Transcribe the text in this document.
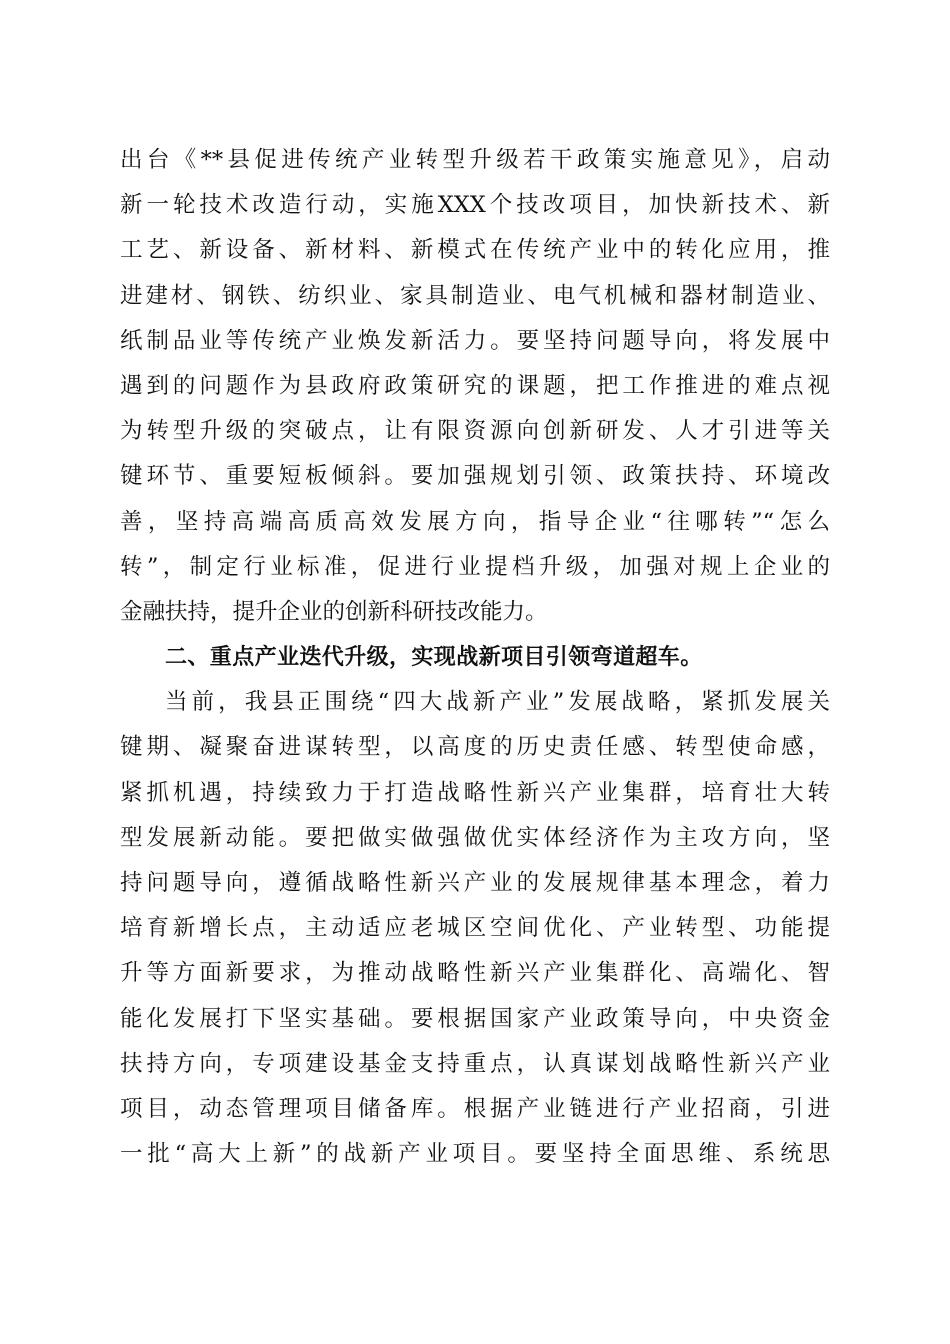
出台《**县促进传统产业转型升级若干政策实施意见》，启动
新一轮技术改造行动，实施XXX个技改项目，加快新技术、新
工艺、新设备、新材料、新模式在传统产业中的转化应用，推
进建材、钢铁、纺织业、家具制造业、电气机械和器材制造业、
纸制品业等传统产业焕发新活力。要坚持问题导向，将发展中
遇到的问题作为县政府政策研究的课题，把工作推进的难点视
为转型升级的突破点，让有限资源向创新研发、人才引进等关
键环节、重要短板倾斜。要加强规划引领、政策扶持、环境改
善，坚持高端高质高效发展方向，指导企业“往哪转”“怎么
转”，制定行业标准，促进行业提档升级，加强对规上企业的
金融扶持，提升企业的创新科研技改能力。
二、重点产业迭代升级，实现战新项目引领弯道超车。
当前，我县正围绕“四大战新产业”发展战略，紧抓发展关
键期、凝聚奋进谋转型，以高度的历史责任感、转型使命感，
紧抓机遇，持续致力于打造战略性新兴产业集群，培育壮大转
型发展新动能。要把做实做强做优实体经济作为主攻方向，坚
持问题导向，遵循战略性新兴产业的发展规律基本理念，着力
培育新增长点，主动适应老城区空间优化、产业转型、功能提
升等方面新要求，为推动战略性新兴产业集群化、高端化、智
能化发展打下坚实基础。要根据国家产业政策导向，中央资金
扶持方向，专项建设基金支持重点，认真谋划战略性新兴产业
项目，动态管理项目储备库。根据产业链进行产业招商，引进
一批“高大上新”的战新产业项目。要坚持全面思维、系统思
